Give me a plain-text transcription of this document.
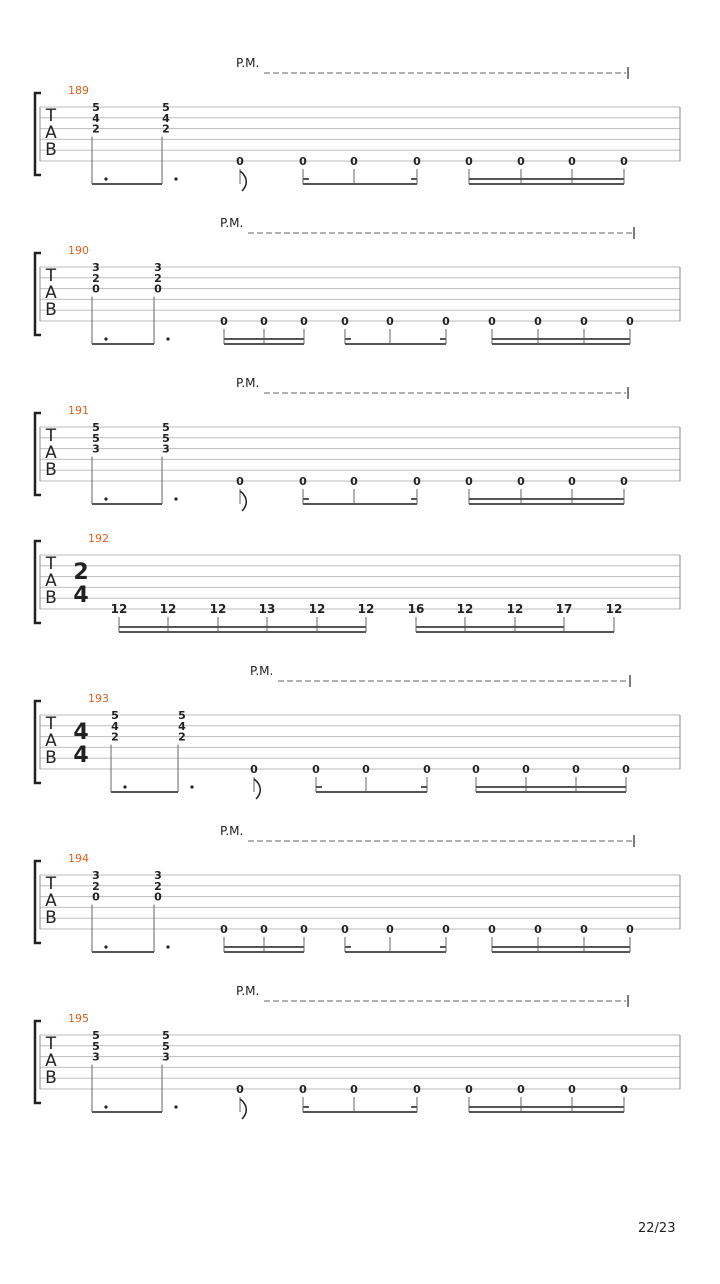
P.M.
189
T
A
B
5
4
2
5
4
2
0	0	0	0	0	0	0	0
P.M.
190
T
A
B
3
2
0
3
2
0
0	0	0	0	0	0	0	0	0	0
P.M.
191
T
A
B
5
5
3
5
5
3
0	0	0	0	0	0	0	0
192
T
A
B
2
4
12	12	12	13	12	12	16	12	12	17	12
P.M.
193
T
A
B
4
4
5
4
2
5
4
2
0	0	0	0	0	0	0	0
P.M.
194
T
A
B
3
2
0
3
2
0
0	0	0	0	0	0	0	0	0	0
P.M.
195
T
A
B
5
5
3
5
5
3
0	0	0	0	0	0	0	0
22/23
